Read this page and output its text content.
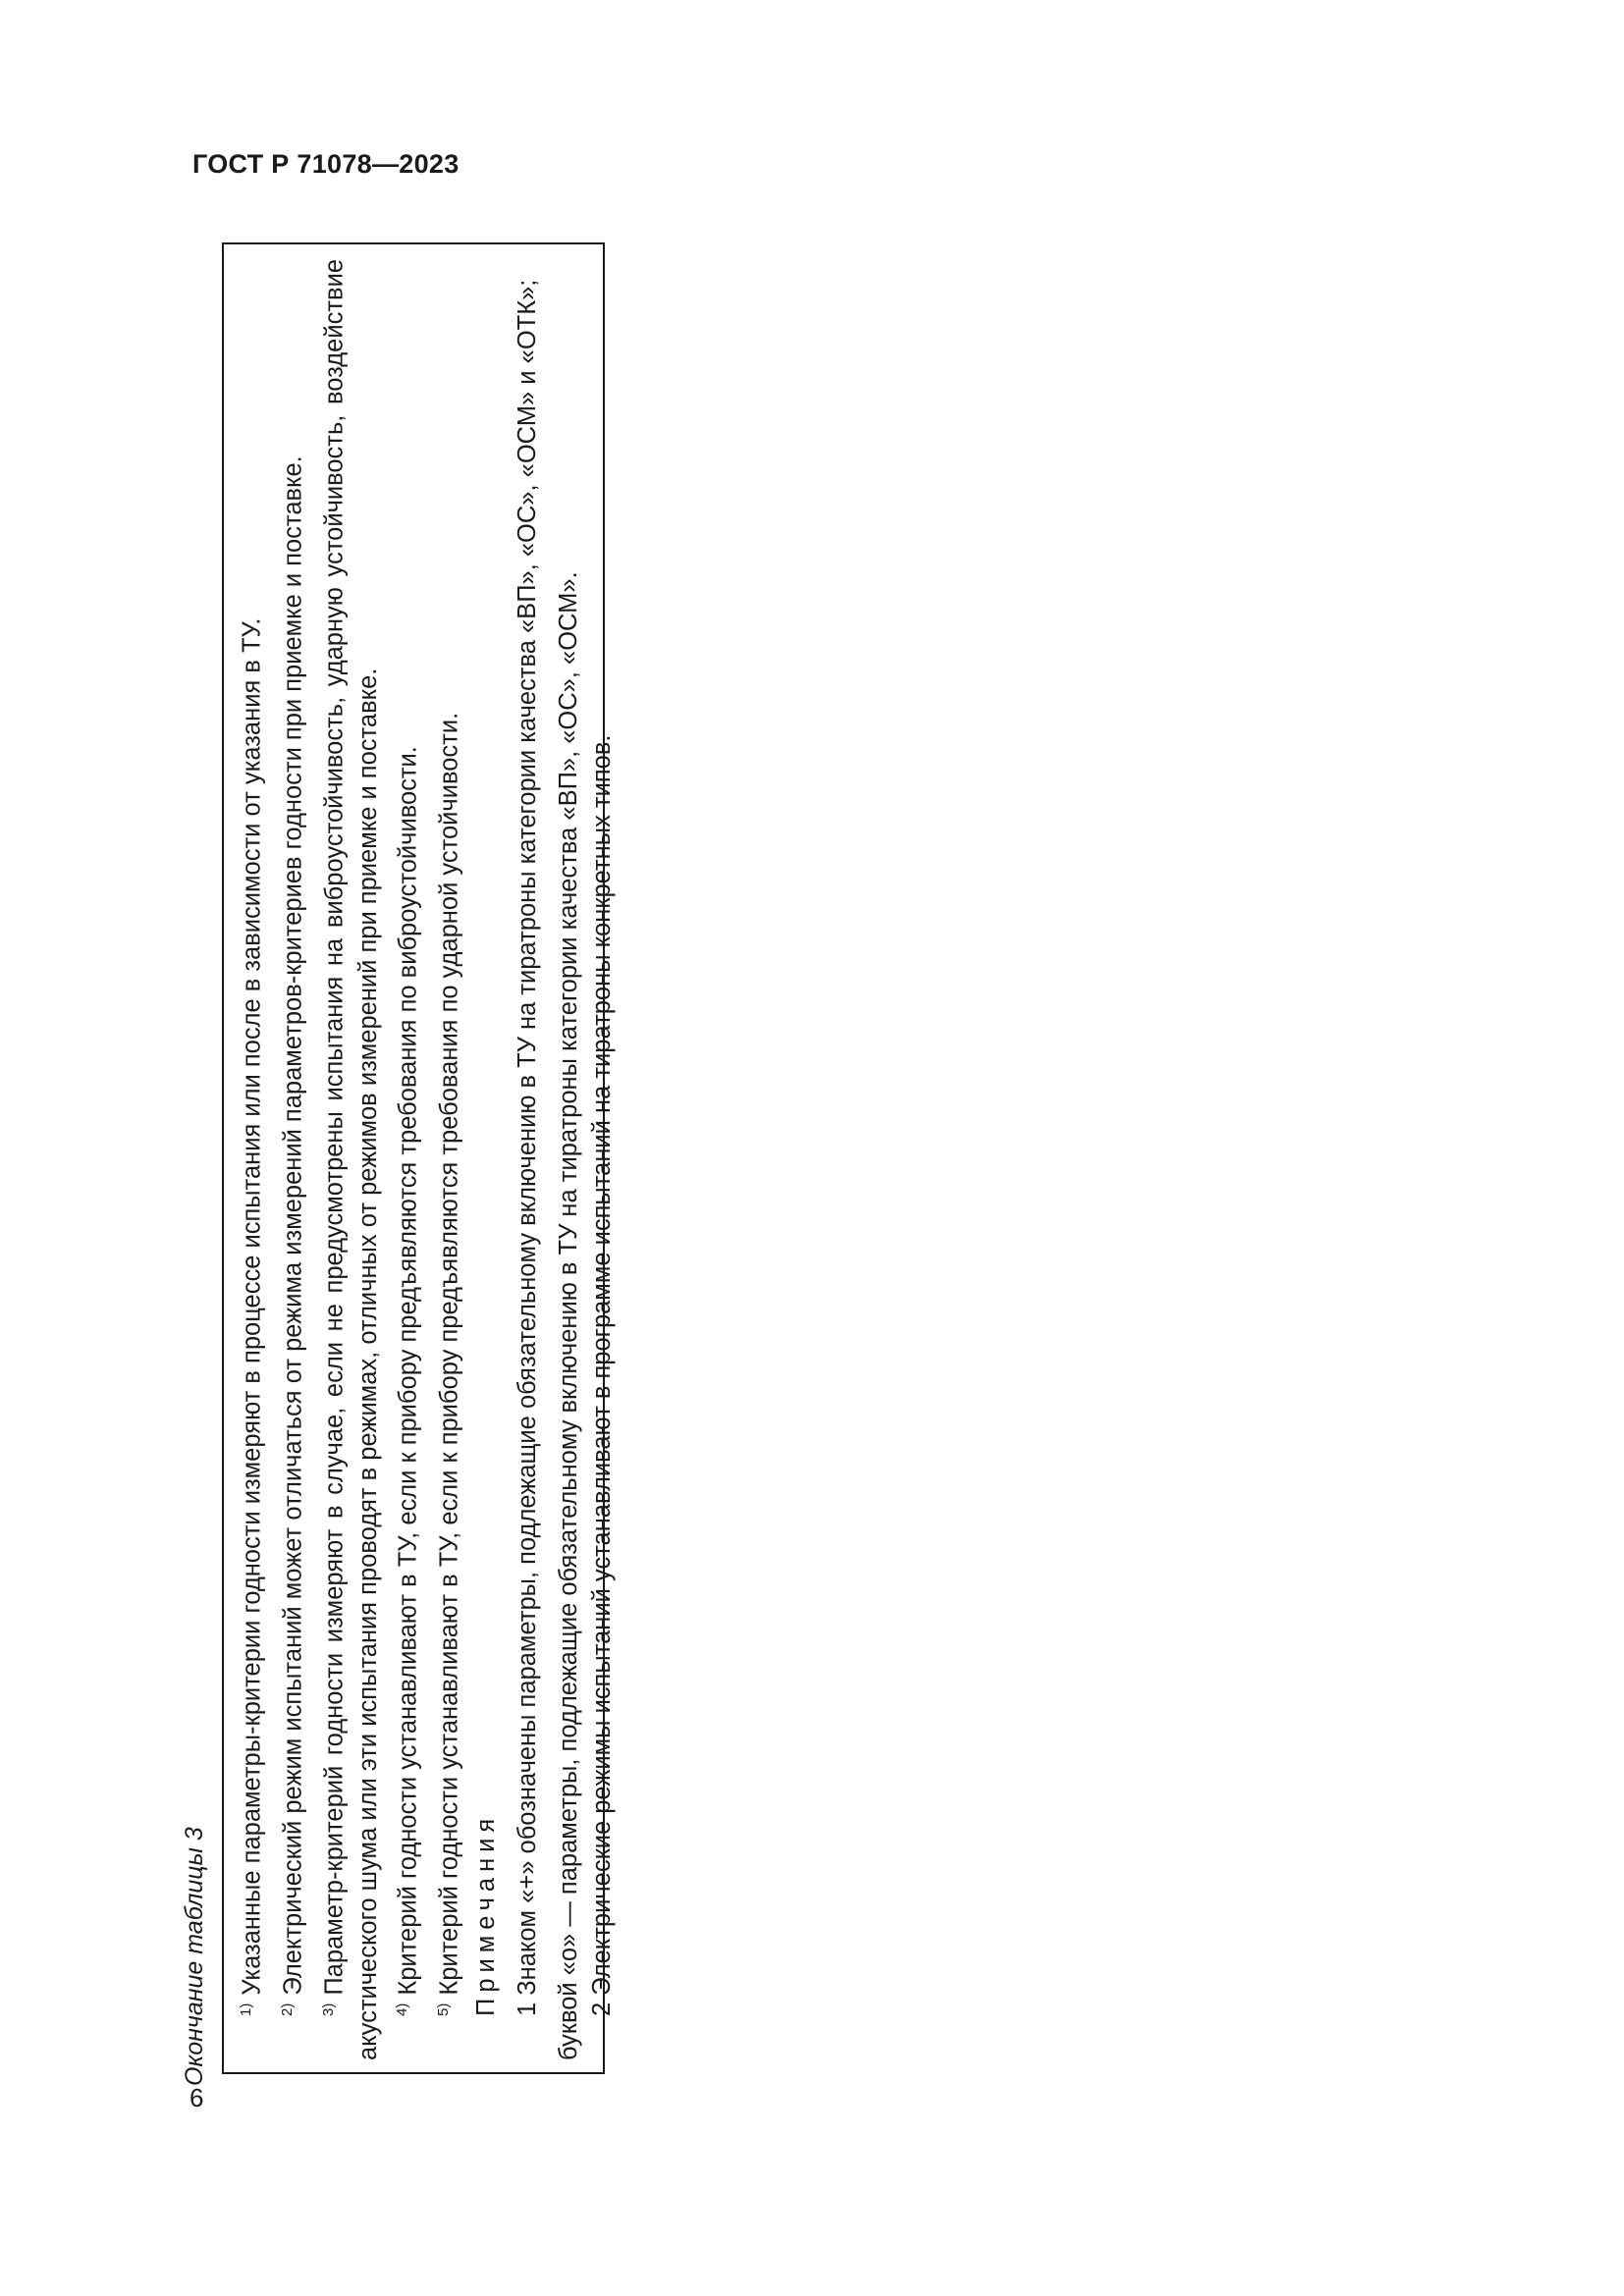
ГОСТ Р 71078—2023
Окончание таблицы 3 $^{1)}$Указанные параметры-критерии годности измеряют в процессе испытания или после в зависимости от указания в ТУ.
$^{2)}$Электрический режим испытаний может отличаться от режима измерений параметров-критериев годности при приемке и поставке.
$^{3)}$Параметр-критерий годности измеряют в случае, если не предусмотрены испытания на виброустойчивость, ударную устойчивость, воздействие акустического шума или эти испытания проводят в режимах, отличных от режимов измерений при приемке и поставке. $^{4)}$Критерий годности устанавливают в ТУ, если к прибору предъявляются требования по виброустойчивости.
$^{5)}$Критерий годности устанавливают в ТУ, если к прибору предъявляются требования по ударной устойчивости. Примечания 1 Знаком «+» обозначены параметры, подлежащие обязательному включению в ТУ на тиратроны категории качества «ВП», «ОС», «ОСМ» и «ОТК»; буквой «о» — параметры, подлежащие обязательному включению в ТУ на тиратроны категории качества «ВП», «ОС», «ОСМ». 2 Электрические режимы испытаний устанавливают в программе испытаний на тиратроны конкретных типов.
6
